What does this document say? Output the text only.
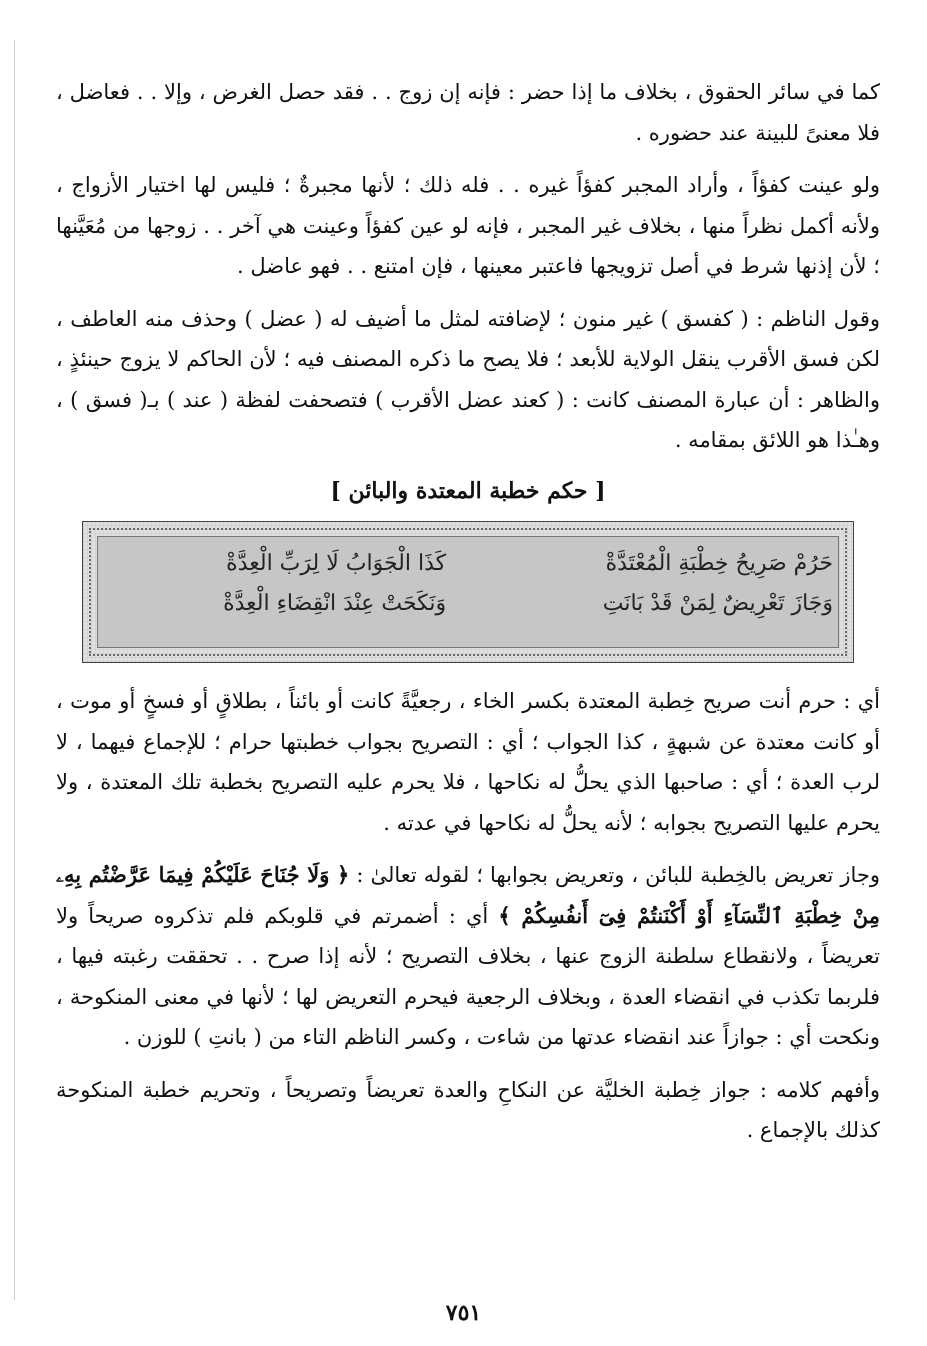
كما في سائر الحقوق ، بخلاف ما إذا حضر : فإنه إن زوج . . فقد حصل الغرض ، وإلا . . فعاضل ، فلا معنىً للبينة عند حضوره .

ولو عينت كفؤاً ، وأراد المجبر كفؤاً غيره . . فله ذلك ؛ لأنها مجبرةٌ ؛ فليس لها اختيار الأزواج ، ولأنه أكمل نظراً منها ، بخلاف غير المجبر ، فإنه لو عين كفؤاً وعينت هي آخر . . زوجها من مُعَيَّنها ؛ لأن إذنها شرط في أصل تزويجها فاعتبر معينها ، فإن امتنع . . فهو عاضل .

وقول الناظم : ( كفسق ) غير منون ؛ لإضافته لمثل ما أضيف له ( عضل ) وحذف منه العاطف ، لكن فسق الأقرب ينقل الولاية للأبعد ؛ فلا يصح ما ذكره المصنف فيه ؛ لأن الحاكم لا يزوج حينئذٍ ، والظاهر : أن عبارة المصنف كانت : ( كعند عضل الأقرب ) فتصحفت لفظة ( عند ) بـ( فسق ) ، وهـٰذا هو اللائق بمقامه .

[ حكم خطبة المعتدة والبائن ]

حَرُمْ صَرِيحُ خِطْبَةِ الْمُعْتَدَّةْ
كَذَا الْجَوَابُ لَا لِرَبِّ الْعِدَّةْ
وَجَازَ تَعْرِيضٌ لِمَنْ قَدْ بَانَتِ
وَنَكَحَتْ عِنْدَ انْقِضَاءِ الْعِدَّةْ

أي : حرم أنت صريح خِطبة المعتدة بكسر الخاء ، رجعيَّةً كانت أو بائناً ، بطلاقٍ أو فسخٍ أو موت ، أو كانت معتدة عن شبهةٍ ، كذا الجواب ؛ أي : التصريح بجواب خطبتها حرام ؛ للإجماع فيهما ، لا لرب العدة ؛ أي : صاحبها الذي يحلُّ له نكاحها ، فلا يحرم عليه التصريح بخطبة تلك المعتدة ، ولا يحرم عليها التصريح بجوابه ؛ لأنه يحلُّ له نكاحها في عدته .

وجاز تعريض بالخِطبة للبائن ، وتعريض بجوابها ؛ لقوله تعالىٰ : ﴿ وَلَا جُنَاحَ عَلَيْكُمْ فِيمَا عَرَّضْتُم بِهِۦ مِنْ خِطْبَةِ ٱلنِّسَآءِ أَوْ أَكْنَنتُمْ فِىٓ أَنفُسِكُمْ ﴾ أي : أضمرتم في قلوبكم فلم تذكروه صريحاً ولا تعريضاً ، ولانقطاع سلطنة الزوج عنها ، بخلاف التصريح ؛ لأنه إذا صرح . . تحققت رغبته فيها ، فلربما تكذب في انقضاء العدة ، وبخلاف الرجعية فيحرم التعريض لها ؛ لأنها في معنى المنكوحة ، ونكحت أي : جوازاً عند انقضاء عدتها من شاءت ، وكسر الناظم التاء من ( بانتِ ) للوزن .

وأفهم كلامه : جواز خِطبة الخليَّة عن النكاحِ والعدة تعريضاً وتصريحاً ، وتحريم خطبة المنكوحة كذلك بالإجماع .

٧٥١
